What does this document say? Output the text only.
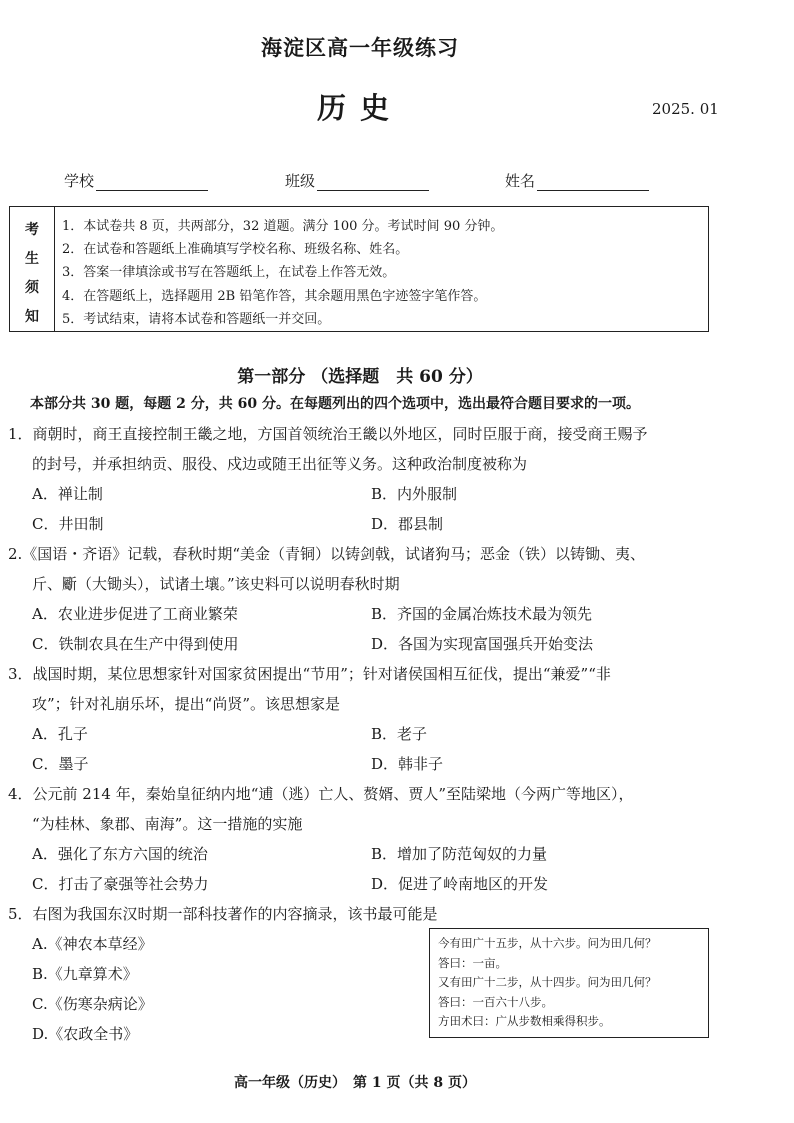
海淀区高一年级练习
历史	2025. 01
学校	班级	姓名
考
生
须
知
1．本试卷共 8 页，共两部分，32 道题。满分 100 分。考试时间 90 分钟。
2．在试卷和答题纸上准确填写学校名称、班级名称、姓名。
3．答案一律填涂或书写在答题纸上，在试卷上作答无效。
4．在答题纸上，选择题用 2B 铅笔作答，其余题用黑色字迹签字笔作答。
5．考试结束，请将本试卷和答题纸一并交回。
第一部分 （选择题　共 60 分）
本部分共 30 题，每题 2 分，共 60 分。在每题列出的四个选项中，选出最符合题目要求的一项。
1．商朝时，商王直接控制王畿之地，方国首领统治王畿以外地区，同时臣服于商，接受商王赐予
的封号，并承担纳贡、服役、戍边或随王出征等义务。这种政治制度被称为
A．禅让制	B．内外服制
C．井田制	D．郡县制
2.《国语・齐语》记载，春秋时期“美金（青铜）以铸剑戟，试诸狗马；恶金（铁）以铸锄、夷、
斤、斸（大锄头），试诸土壤。”该史料可以说明春秋时期
A．农业进步促进了工商业繁荣	B．齐国的金属冶炼技术最为领先
C．铁制农具在生产中得到使用	D．各国为实现富国强兵开始变法
3．战国时期，某位思想家针对国家贫困提出“节用”；针对诸侯国相互征伐，提出“兼爱”“非
攻”；针对礼崩乐坏，提出“尚贤”。该思想家是
A．孔子	B．老子
C．墨子	D．韩非子
4．公元前 214 年，秦始皇征纳内地“逋（逃）亡人、赘婿、贾人”至陆梁地（今两广等地区），
“为桂林、象郡、南海”。这一措施的实施
A．强化了东方六国的统治	B．增加了防范匈奴的力量
C．打击了豪强等社会势力	D．促进了岭南地区的开发
5．右图为我国东汉时期一部科技著作的内容摘录，该书最可能是
A.《神农本草经》
B.《九章算术》
C.《伤寒杂病论》
D.《农政全书》
今有田广十五步，从十六步。问为田几何？
答曰：一亩。
又有田广十二步，从十四步。问为田几何？
答曰：一百六十八步。
方田术曰：广从步数相乘得积步。
高一年级（历史）　第 1 页（共 8 页）
